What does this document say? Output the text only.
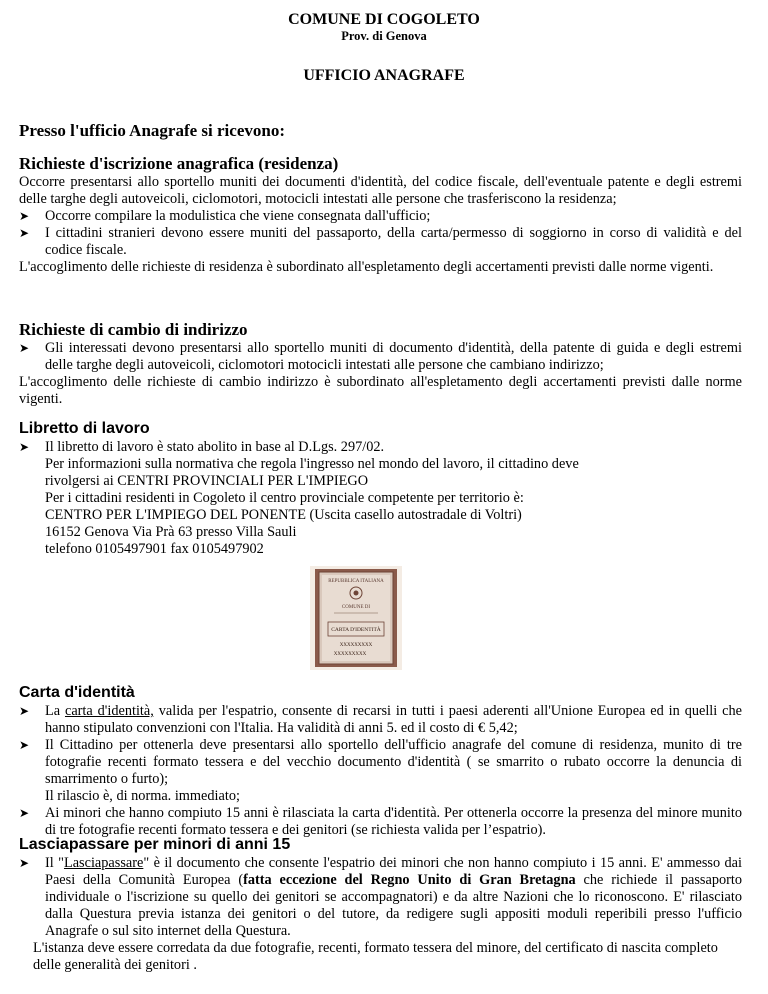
COMUNE DI COGOLETO
Prov. di Genova
UFFICIO ANAGRAFE
Presso l'ufficio Anagrafe si ricevono:
Richieste d'iscrizione anagrafica (residenza)

Occorre presentarsi allo sportello muniti dei documenti d'identità, del codice fiscale, dell'eventuale patente e degli estremi delle targhe degli autoveicoli, ciclomotori, motocicli intestati alle persone che trasferiscono la residenza;

➤ Occorre compilare la modulistica che viene consegnata dall'ufficio;
➤ I cittadini stranieri devono essere muniti del passaporto, della carta/permesso di soggiorno in corso di validità e del codice fiscale.

L'accoglimento delle richieste di residenza è subordinato all'espletamento degli accertamenti previsti dalle norme vigenti.

Richieste di cambio di indirizzo
➤ Gli interessati devono presentarsi allo sportello muniti di documento d'identità, della patente di guida e degli estremi delle targhe degli autoveicoli, ciclomotori motocicli intestati alle persone che cambiano indirizzo;

L'accoglimento delle richieste di cambio indirizzo è subordinato all'espletamento degli accertamenti previsti dalle norme vigenti.

Libretto di lavoro
➤ Il libretto di lavoro è stato abolito in base al D.Lgs. 297/02.
Per informazioni sulla normativa che regola l'ingresso nel mondo del lavoro, il cittadino deve
rivolgersi ai CENTRI PROVINCIALI PER L'IMPIEGO
Per i cittadini residenti in Cogoleto il centro provinciale competente per territorio è:
CENTRO PER L'IMPIEGO DEL PONENTE (Uscita casello autostradale di Voltri)
16152 Genova Via Prà 63 presso Villa Sauli
telefono 0105497901 fax 0105497902
REPUBBLICA ITALIANA
COMUNE DI
CARTA D'IDENTITÀ
XXXXXXXXX
XXXXXXXXX
Carta d'identità
➤ La carta d'identità, valida per l'espatrio, consente di recarsi in tutti i paesi aderenti all'Unione Europea ed in quelli che hanno stipulato convenzioni con l'Italia. Ha validità di anni 5. ed il costo di € 5,42;
➤ Il Cittadino per ottenerla deve presentarsi allo sportello dell'ufficio anagrafe del comune di residenza, munito di tre fotografie recenti formato tessera e del vecchio documento d'identità ( se smarrito o rubato occorre la denuncia di smarrimento o furto);
Il rilascio è, di norma. immediato;
➤ Ai minori che hanno compiuto 15 anni è rilasciata la carta d'identità. Per ottenerla occorre la presenza del minore munito di tre fotografie recenti formato tessera e dei genitori (se richiesta valida per l’espatrio).
Lasciapassare per minori di anni 15
➤ Il "Lasciapassare" è il documento che consente l'espatrio dei minori che non hanno compiuto i 15 anni. E' ammesso dai Paesi della Comunità Europea (fatta eccezione del Regno Unito di Gran Bretagna che richiede il passaporto individuale o l'iscrizione su quello dei genitori se accompagnatori) e da altre Nazioni che lo riconoscono. E' rilasciato dalla Questura previa istanza dei genitori o del tutore, da redigere sugli appositi moduli reperibili presso l'ufficio Anagrafe o sul sito internet della Questura.
L'istanza deve essere corredata da due fotografie, recenti, formato tessera del minore, del certificato di nascita completo delle generalità dei genitori .
